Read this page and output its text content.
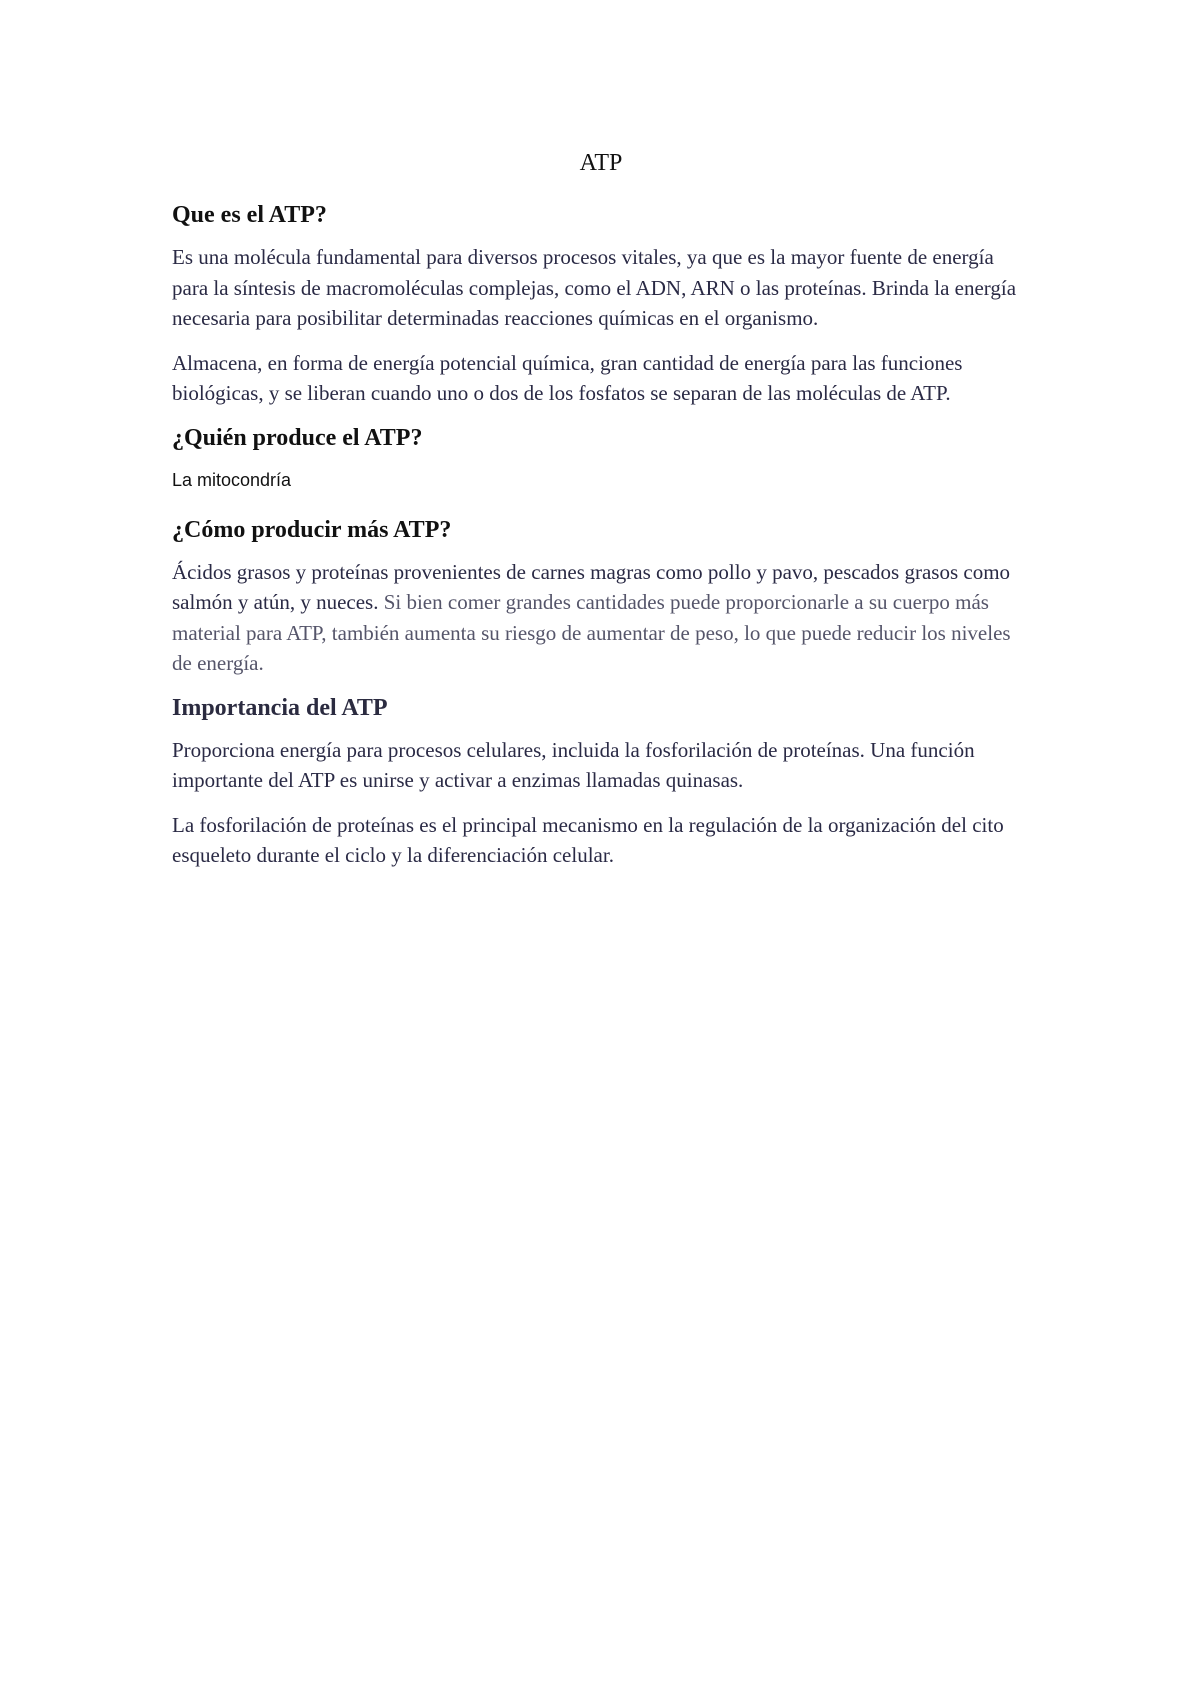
ATP
Que es el ATP?

Es una molécula fundamental para diversos procesos vitales, ya que es la mayor fuente de energía para la síntesis de macromoléculas complejas, como el ADN, ARN o las proteínas. Brinda la energía necesaria para posibilitar determinadas reacciones químicas en el organismo.

Almacena, en forma de energía potencial química, gran cantidad de energía para las funciones biológicas, y se liberan cuando uno o dos de los fosfatos se separan de las moléculas de ATP.

¿Quién produce el ATP?

La mitocondría

¿Cómo producir más ATP?

Ácidos grasos y proteínas provenientes de carnes magras como pollo y pavo, pescados grasos como salmón y atún, y nueces. Si bien comer grandes cantidades puede proporcionarle a su cuerpo más material para ATP, también aumenta su riesgo de aumentar de peso, lo que puede reducir los niveles de energía.

Importancia del ATP

Proporciona energía para procesos celulares, incluida la fosforilación de proteínas. Una función importante del ATP es unirse y activar a enzimas llamadas quinasas.

La fosforilación de proteínas es el principal mecanismo en la regulación de la organización del cito esqueleto durante el ciclo y la diferenciación celular.
